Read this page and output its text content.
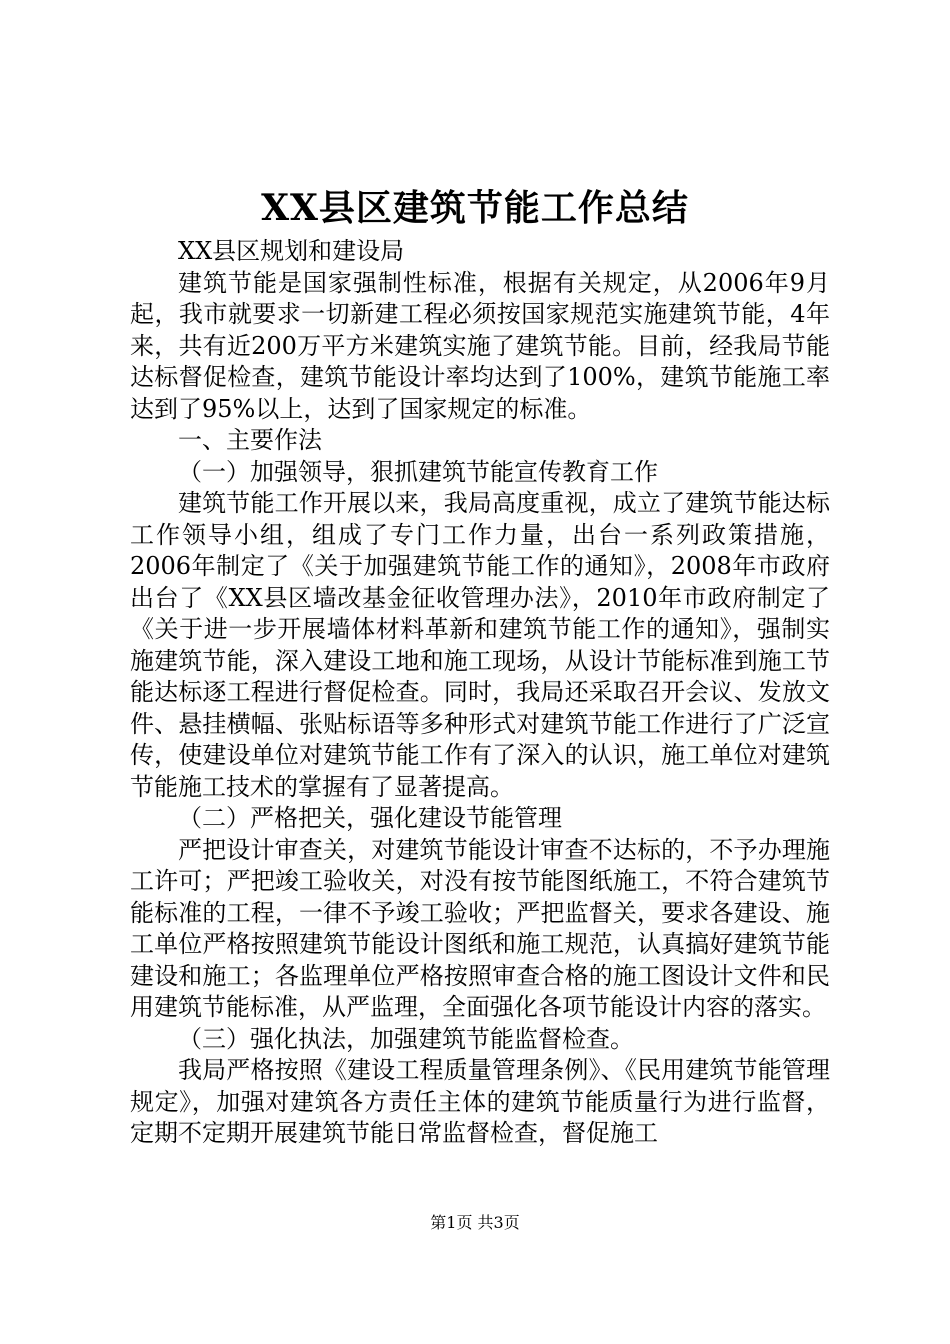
XX县区建筑节能工作总结

XX县区规划和建设局

建筑节能是国家强制性标准，根据有关规定，从2006年9月起，我市就要求一切新建工程必须按国家规范实施建筑节能，4年来，共有近200万平方米建筑实施了建筑节能。目前，经我局节能达标督促检查，建筑节能设计率均达到了100%，建筑节能施工率达到了95%以上，达到了国家规定的标准。

一、主要作法

（一）加强领导，狠抓建筑节能宣传教育工作

建筑节能工作开展以来，我局高度重视，成立了建筑节能达标工作领导小组，组成了专门工作力量，出台一系列政策措施，2006年制定了《关于加强建筑节能工作的通知》，2008年市政府出台了《XX县区墙改基金征收管理办法》，2010年市政府制定了《关于进一步开展墙体材料革新和建筑节能工作的通知》，强制实施建筑节能，深入建设工地和施工现场，从设计节能标准到施工节能达标逐工程进行督促检查。同时，我局还采取召开会议、发放文件、悬挂横幅、张贴标语等多种形式对建筑节能工作进行了广泛宣传，使建设单位对建筑节能工作有了深入的认识，施工单位对建筑节能施工技术的掌握有了显著提高。

（二）严格把关，强化建设节能管理

严把设计审查关，对建筑节能设计审查不达标的，不予办理施工许可；严把竣工验收关，对没有按节能图纸施工，不符合建筑节能标准的工程，一律不予竣工验收；严把监督关，要求各建设、施工单位严格按照建筑节能设计图纸和施工规范，认真搞好建筑节能建设和施工；各监理单位严格按照审查合格的施工图设计文件和民用建筑节能标准，从严监理，全面强化各项节能设计内容的落实。

（三）强化执法，加强建筑节能监督检查。

我局严格按照《建设工程质量管理条例》、《民用建筑节能管理规定》，加强对建筑各方责任主体的建筑节能质量行为进行监督，定期不定期开展建筑节能日常监督检查，督促施工

第1页 共3页
